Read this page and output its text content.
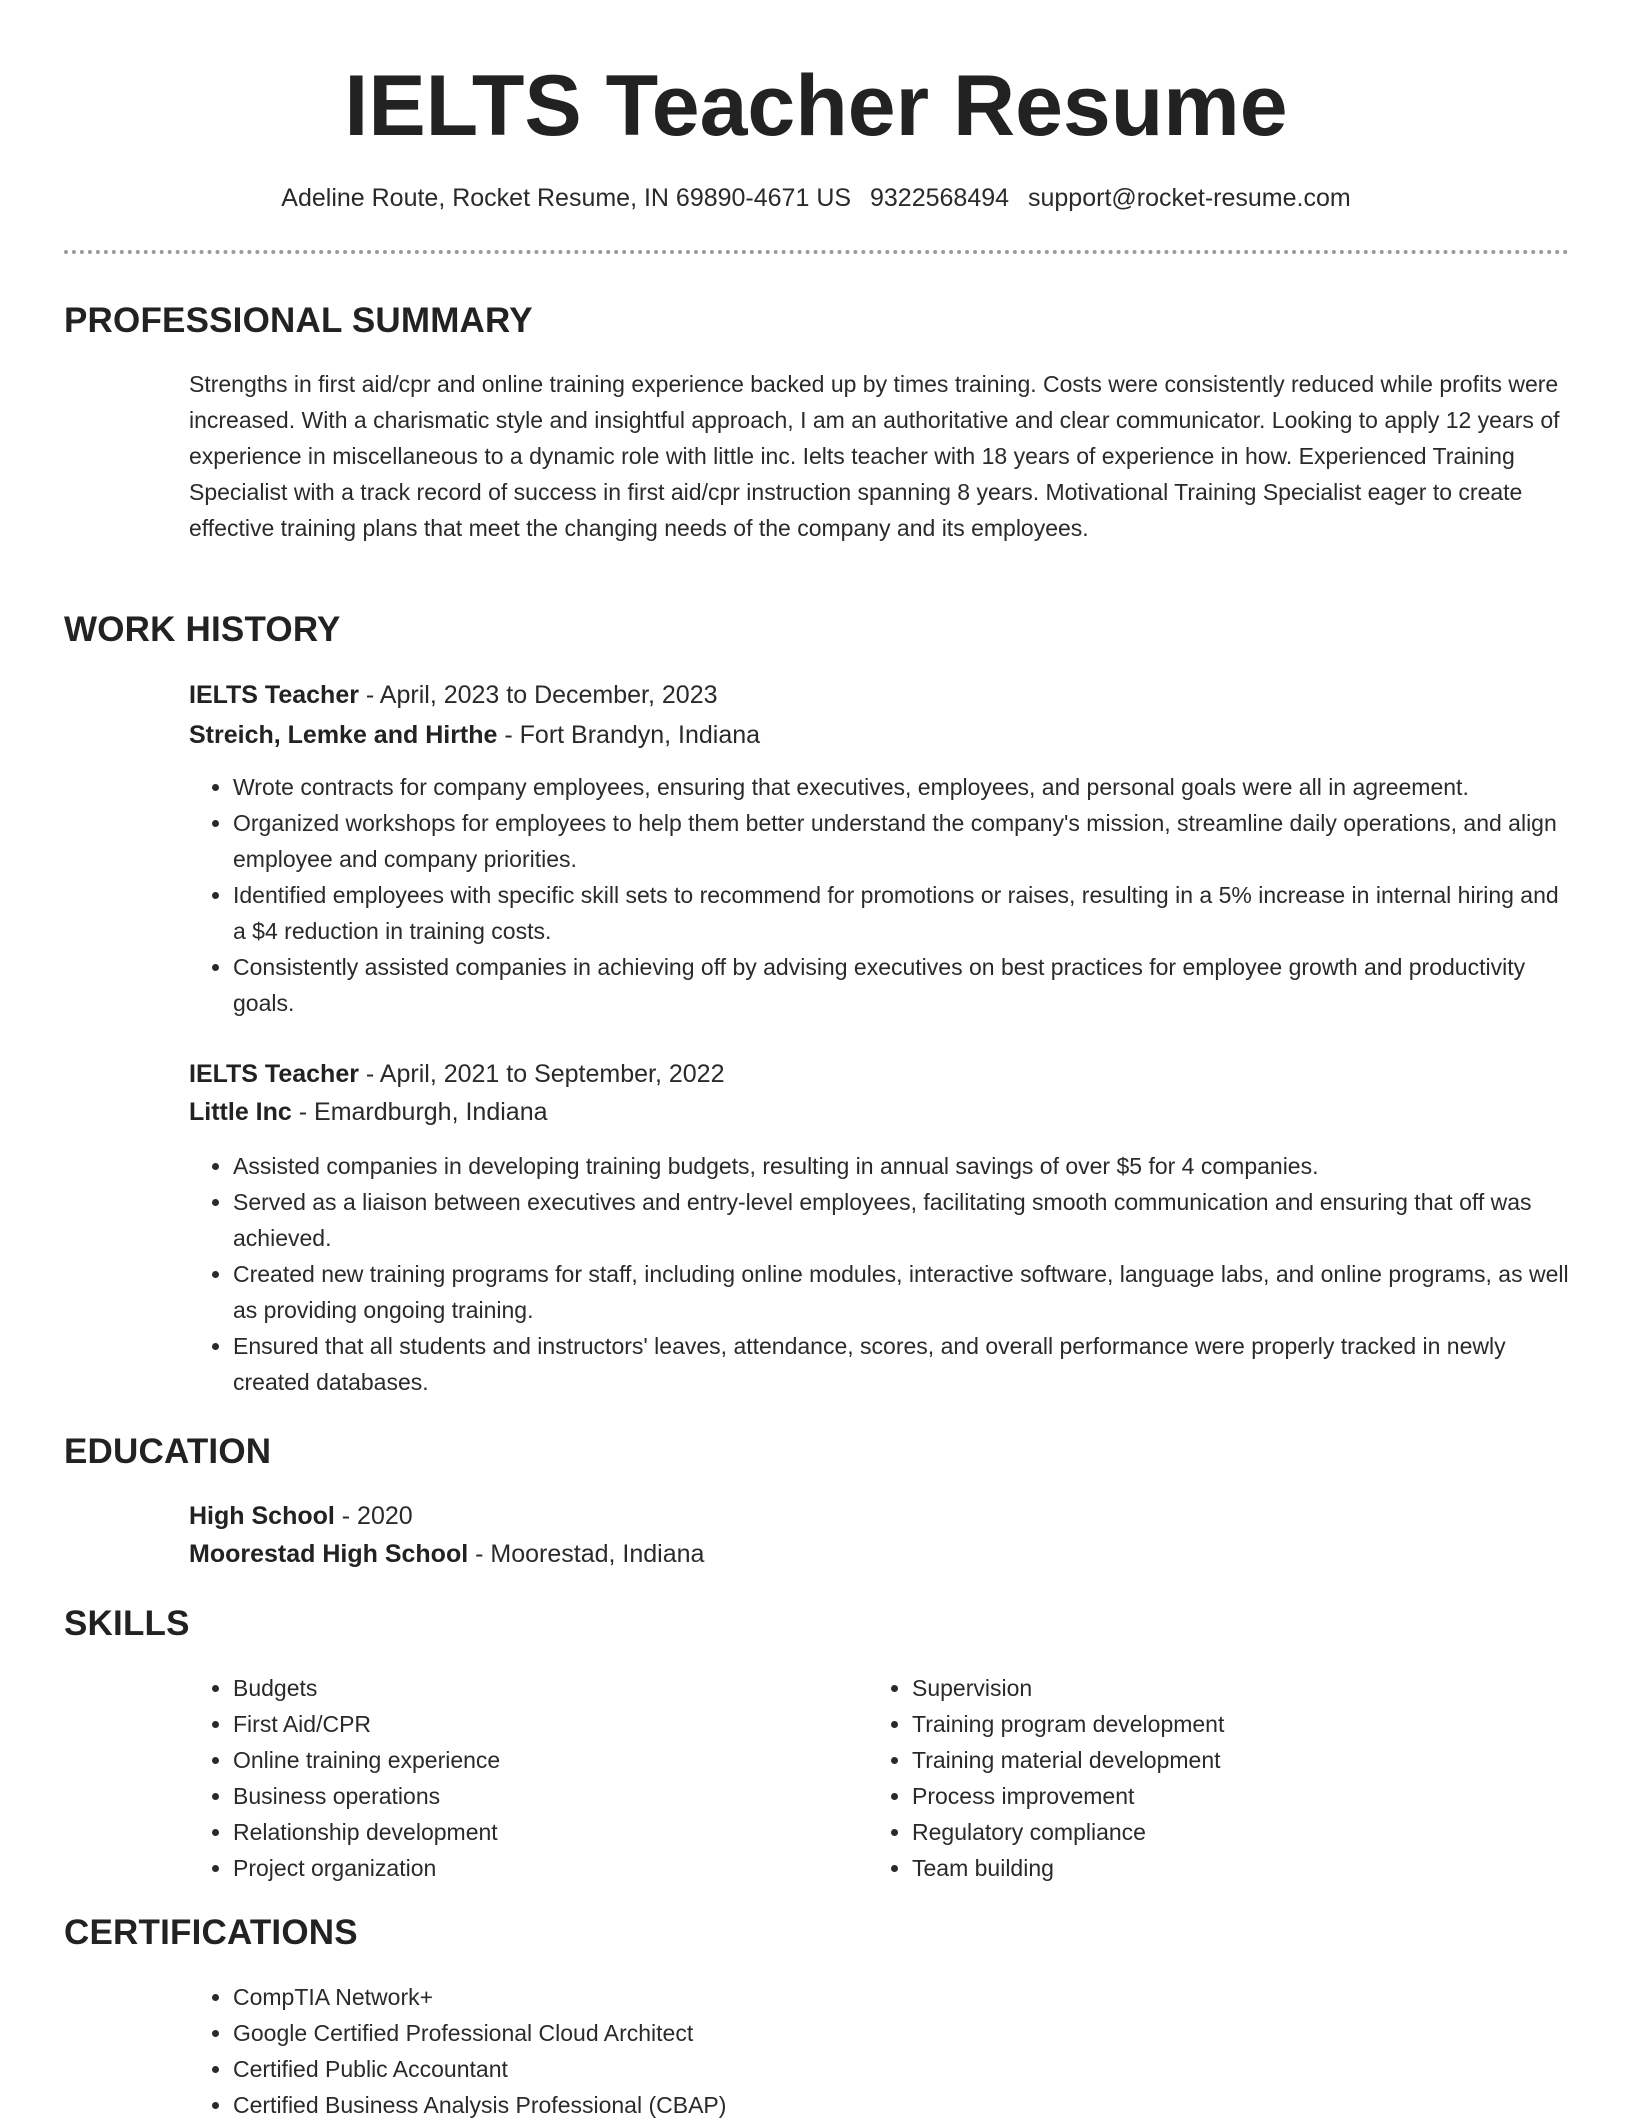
IELTS Teacher Resume
Adeline Route, Rocket Resume, IN 69890-4671 US 9322568494 support@rocket-resume.com
PROFESSIONAL SUMMARY

Strengths in first aid/cpr and online training experience backed up by times training. Costs were consistently reduced while profits were increased. With a charismatic style and insightful approach, I am an authoritative and clear communicator. Looking to apply 12 years of experience in miscellaneous to a dynamic role with little inc. Ielts teacher with 18 years of experience in how. Experienced Training Specialist with a track record of success in first aid/cpr instruction spanning 8 years. Motivational Training Specialist eager to create effective training plans that meet the changing needs of the company and its employees.

WORK HISTORY
IELTS Teacher - April, 2023 to December, 2023
Streich, Lemke and Hirthe - Fort Brandyn, Indiana
• Wrote contracts for company employees, ensuring that executives, employees, and personal goals were all in agreement.
• Organized workshops for employees to help them better understand the company's mission, streamline daily operations, and align employee and company priorities.
• Identified employees with specific skill sets to recommend for promotions or raises, resulting in a 5% increase in internal hiring and a $4 reduction in training costs.
• Consistently assisted companies in achieving off by advising executives on best practices for employee growth and productivity goals.
IELTS Teacher - April, 2021 to September, 2022
Little Inc - Emardburgh, Indiana
• Assisted companies in developing training budgets, resulting in annual savings of over $5 for 4 companies.
• Served as a liaison between executives and entry-level employees, facilitating smooth communication and ensuring that off was achieved.
• Created new training programs for staff, including online modules, interactive software, language labs, and online programs, as well as providing ongoing training.
• Ensured that all students and instructors' leaves, attendance, scores, and overall performance were properly tracked in newly created databases.
EDUCATION
High School - 2020
Moorestad High School - Moorestad, Indiana
SKILLS
• Budgets
• First Aid/CPR
• Online training experience
• Business operations
• Relationship development
• Project organization
• Supervision
• Training program development
• Training material development
• Process improvement
• Regulatory compliance
• Team building
CERTIFICATIONS
• CompTIA Network+
• Google Certified Professional Cloud Architect
• Certified Public Accountant
• Certified Business Analysis Professional (CBAP)
